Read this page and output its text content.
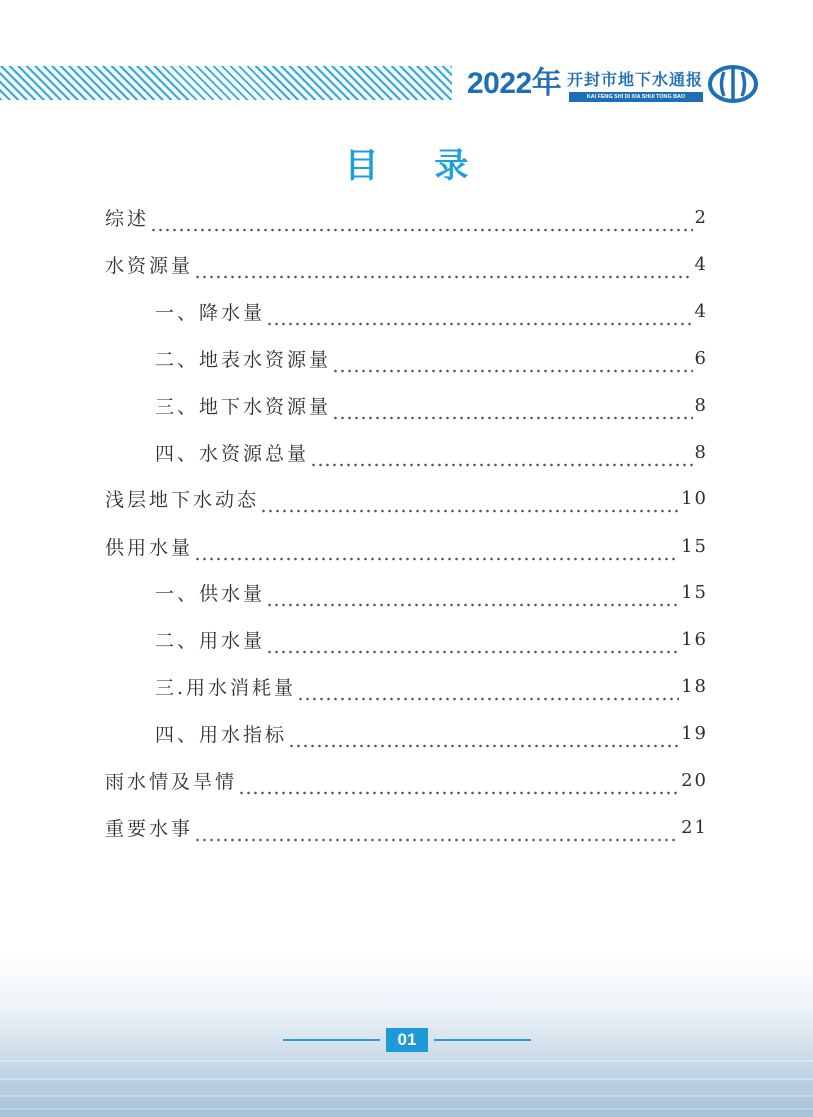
2022年 开封市地下水通报
KAI FENG SHI DI XIA SHUI TONG BAO
目 录
综述	2
水资源量	4
一、降水量	4
二、地表水资源量	6
三、地下水资源量	8
四、水资源总量	8
浅层地下水动态	10
供用水量	15
一、供水量	15
二、用水量	16
三.用水消耗量	18
四、用水指标	19
雨水情及旱情	20
重要水事	21
01
